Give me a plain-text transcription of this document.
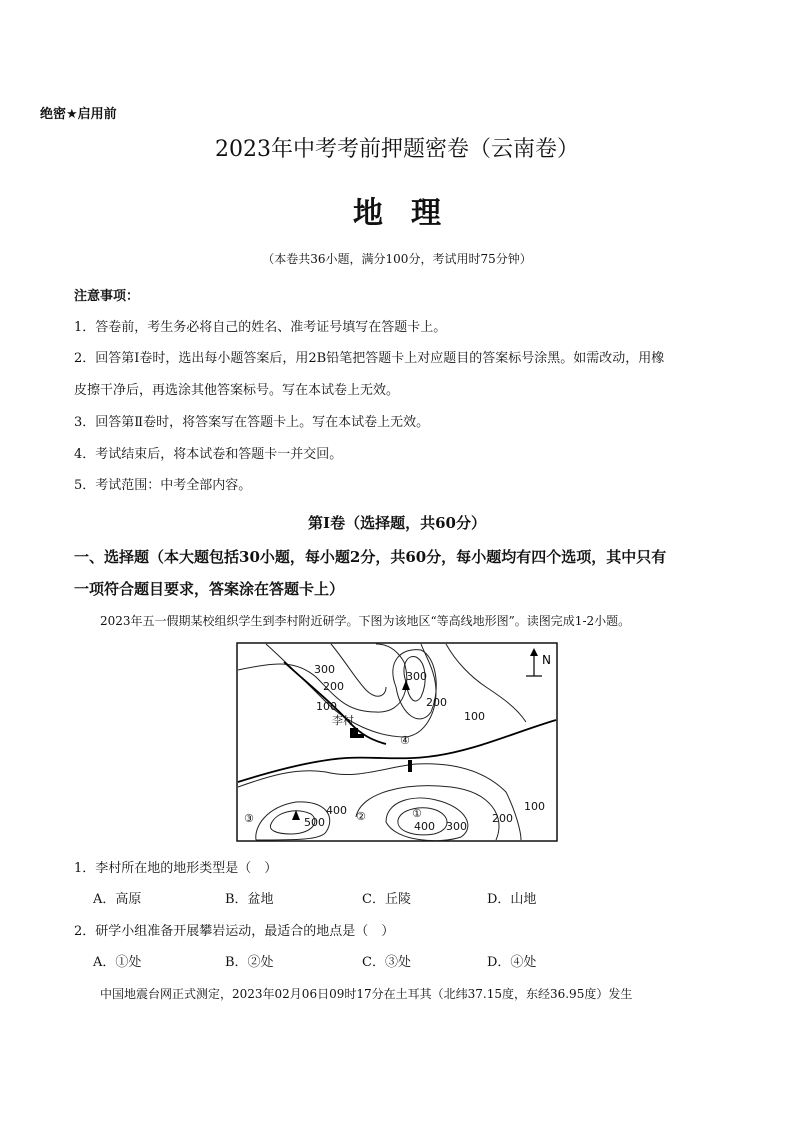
绝密★启用前
2023年中考考前押题密卷（云南卷）
地理
（本卷共36小题，满分100分，考试用时75分钟）
注意事项：
1．答卷前，考生务必将自己的姓名、准考证号填写在答题卡上。
2．回答第Ⅰ卷时，选出每小题答案后，用2B铅笔把答题卡上对应题目的答案标号涂黑。如需改动，用橡
皮擦干净后，再选涂其他答案标号。写在本试卷上无效。
3．回答第Ⅱ卷时，将答案写在答题卡上。写在本试卷上无效。
4．考试结束后，将本试卷和答题卡一并交回。
5．考试范围：中考全部内容。
第Ⅰ卷（选择题，共60分）
一、选择题（本大题包括30小题，每小题2分，共60分，每小题均有四个选项，其中只有
一项符合题目要求，答案涂在答题卡上）
2023年五一假期某校组织学生到李村附近研学。下图为该地区“等高线地形图”。读图完成1-2小题。
N
300
200
100
300
200
100
李村
④
①
②
③	500
400
400 300
200
100
1．李村所在地的地形类型是（　）
A．高原	B．盆地	C．丘陵	D．山地
2．研学小组准备开展攀岩运动，最适合的地点是（　）
A．①处	B．②处	C．③处	D．④处
中国地震台网正式测定，2023年02月06日09时17分在土耳其（北纬37.15度，东经36.95度）发生
